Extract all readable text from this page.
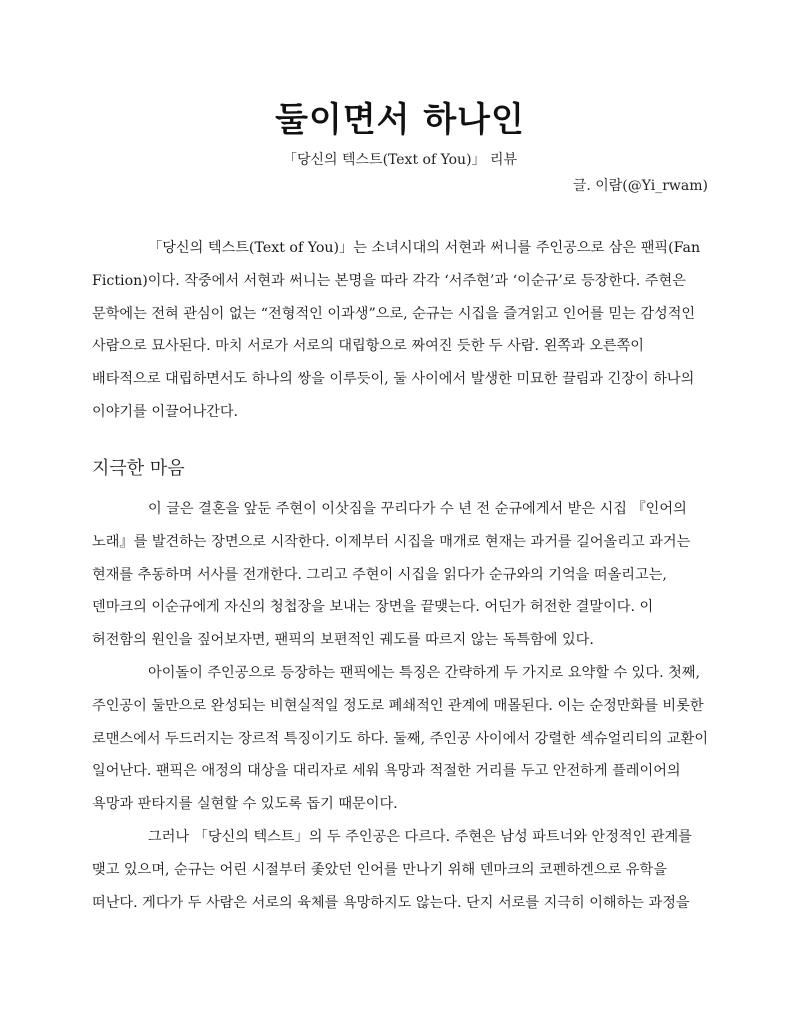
둘이면서 하나인
「당신의 텍스트(Text of You)」 리뷰
글. 이람(@Yi_rwam)

「당신의 텍스트(Text of You)」는 소녀시대의 서현과 써니를 주인공으로 삼은 팬픽(Fan
Fiction)이다. 작중에서 서현과 써니는 본명을 따라 각각 ‘서주현’과 ‘이순규’로 등장한다. 주현은
문학에는 전혀 관심이 없는 “전형적인 이과생”으로, 순규는 시집을 즐겨읽고 인어를 믿는 감성적인
사람으로 묘사된다. 마치 서로가 서로의 대립항으로 짜여진 듯한 두 사람. 왼쪽과 오른쪽이
배타적으로 대립하면서도 하나의 쌍을 이루듯이, 둘 사이에서 발생한 미묘한 끌림과 긴장이 하나의
이야기를 이끌어나간다.

지극한 마음

이 글은 결혼을 앞둔 주현이 이삿짐을 꾸리다가 수 년 전 순규에게서 받은 시집 『인어의
노래』를 발견하는 장면으로 시작한다. 이제부터 시집을 매개로 현재는 과거를 길어올리고 과거는
현재를 추동하며 서사를 전개한다. 그리고 주현이 시집을 읽다가 순규와의 기억을 떠올리고는,
덴마크의 이순규에게 자신의 청첩장을 보내는 장면을 끝맺는다. 어딘가 허전한 결말이다. 이
허전함의 원인을 짚어보자면, 팬픽의 보편적인 궤도를 따르지 않는 독특함에 있다.

아이돌이 주인공으로 등장하는 팬픽에는 특징은 간략하게 두 가지로 요약할 수 있다. 첫째,
주인공이 둘만으로 완성되는 비현실적일 정도로 폐쇄적인 관계에 매몰된다. 이는 순정만화를 비롯한
로맨스에서 두드러지는 장르적 특징이기도 하다. 둘째, 주인공 사이에서 강렬한 섹슈얼리티의 교환이
일어난다. 팬픽은 애정의 대상을 대리자로 세워 욕망과 적절한 거리를 두고 안전하게 플레이어의
욕망과 판타지를 실현할 수 있도록 돕기 때문이다.

그러나 「당신의 텍스트」의 두 주인공은 다르다. 주현은 남성 파트너와 안정적인 관계를
맺고 있으며, 순규는 어린 시절부터 좇았던 인어를 만나기 위해 덴마크의 코펜하겐으로 유학을
떠난다. 게다가 두 사람은 서로의 육체를 욕망하지도 않는다. 단지 서로를 지극히 이해하는 과정을
